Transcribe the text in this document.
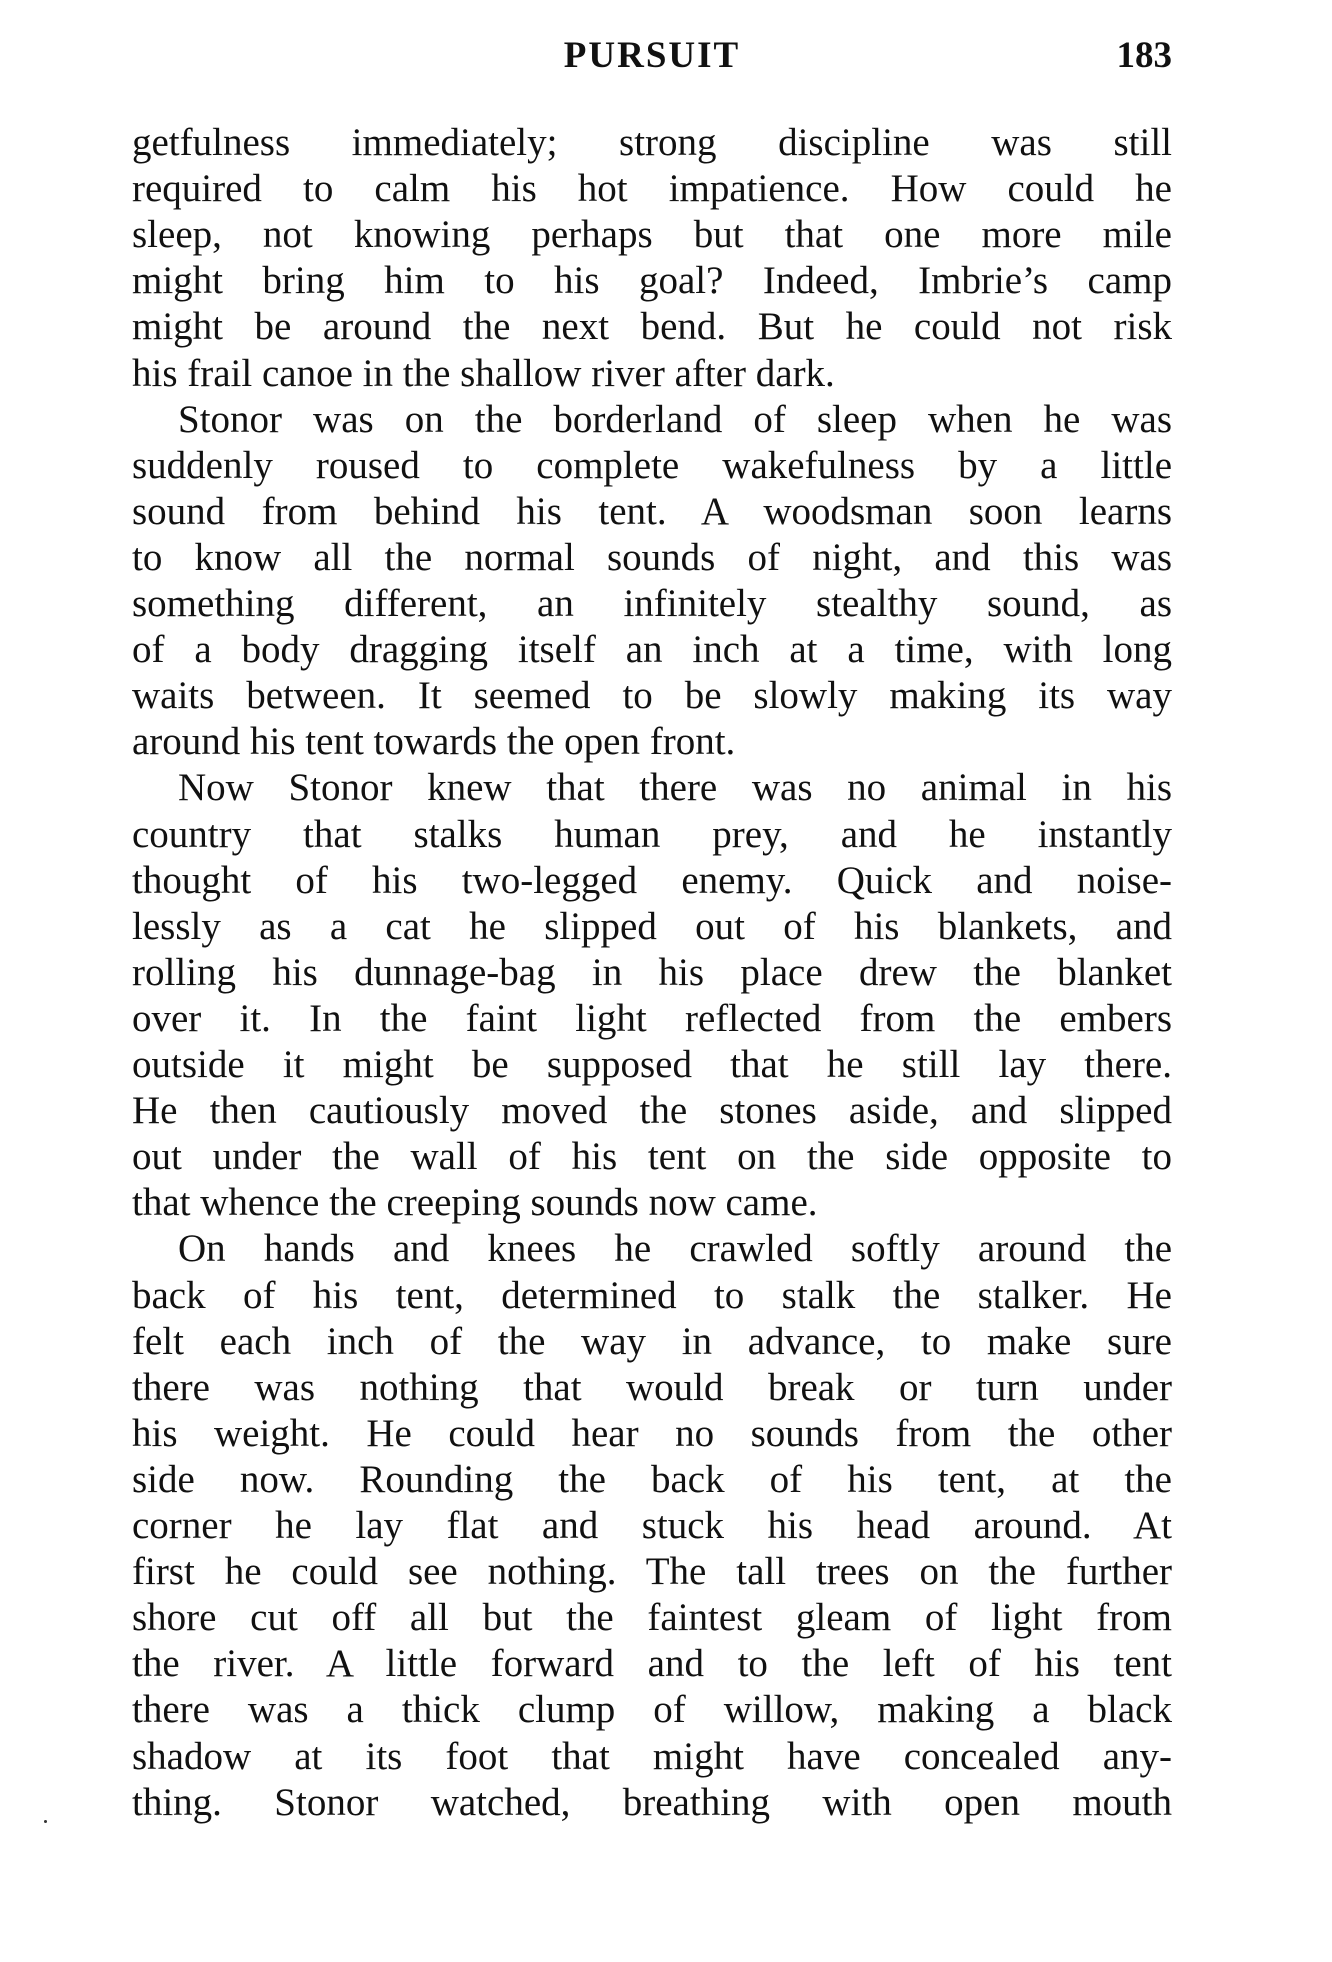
PURSUIT	183
getfulness immediately; strong discipline was still
required to calm his hot impatience. How could he
sleep, not knowing perhaps but that one more mile
might bring him to his goal? Indeed, Imbrie’s camp
might be around the next bend. But he could not risk
his frail canoe in the shallow river after dark.
Stonor was on the borderland of sleep when he was
suddenly roused to complete wakefulness by a little
sound from behind his tent. A woodsman soon learns
to know all the normal sounds of night, and this was
something different, an infinitely stealthy sound, as
of a body dragging itself an inch at a time, with long
waits between. It seemed to be slowly making its way
around his tent towards the open front.
Now Stonor knew that there was no animal in his
country that stalks human prey, and he instantly
thought of his two-legged enemy. Quick and noise-
lessly as a cat he slipped out of his blankets, and
rolling his dunnage-bag in his place drew the blanket
over it. In the faint light reflected from the embers
outside it might be supposed that he still lay there.
He then cautiously moved the stones aside, and slipped
out under the wall of his tent on the side opposite to
that whence the creeping sounds now came.
On hands and knees he crawled softly around the
back of his tent, determined to stalk the stalker. He
felt each inch of the way in advance, to make sure
there was nothing that would break or turn under
his weight. He could hear no sounds from the other
side now. Rounding the back of his tent, at the
corner he lay flat and stuck his head around. At
first he could see nothing. The tall trees on the further
shore cut off all but the faintest gleam of light from
the river. A little forward and to the left of his tent
there was a thick clump of willow, making a black
shadow at its foot that might have concealed any-
thing. Stonor watched, breathing with open mouth
